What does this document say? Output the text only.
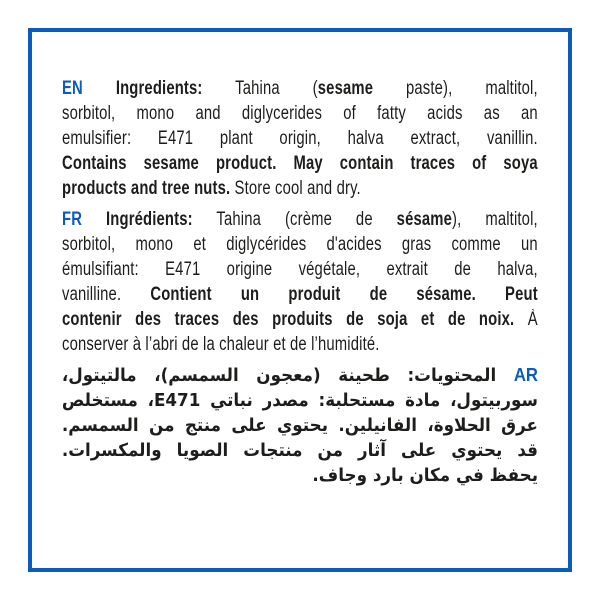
EN Ingredients: Tahina (sesame paste), maltitol,
sorbitol, mono and diglycerides of fatty acids as an
emulsifier: E471 plant origin, halva extract, vanillin.
Contains sesame product. May contain traces of soya
products and tree nuts. Store cool and dry.
FR Ingrédients: Tahina (crème de sésame), maltitol,
sorbitol, mono et diglycérides d'acides gras comme un
émulsifiant: E471 origine végétale, extrait de halva,
vanilline. Contient un produit de sésame. Peut
contenir des traces des produits de soja et de noix. À
conserver à l’abri de la chaleur et de l’humidité.
AR المحتويات: طحينة (معجون السمسم)، مالتيتول،
سوربيتول، مادة مستحلبة: مصدر نباتي E471، مستخلص
عرق الحلاوة، الفانيلين. يحتوي على منتج من السمسم.
قد يحتوي على آثار من منتجات الصويا والمكسرات.
يحفظ في مكان بارد وجاف.
